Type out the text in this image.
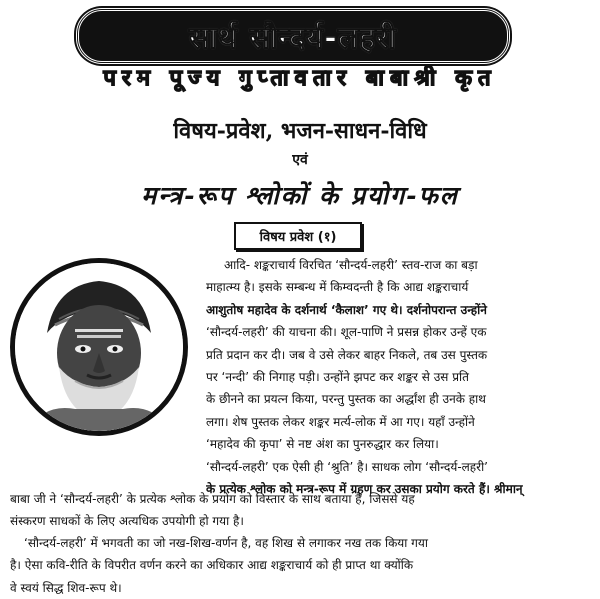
सार्थ सौन्दर्य-लहरी
परम पूज्य गुप्तावतार बाबाश्री कृत
विषय-प्रवेश, भजन-साधन-विधि
एवं
मन्त्र-रूप श्लोकों के प्रयोग-फल
विषय प्रवेश (१)
आदि- शङ्कराचार्य विरचित ‘सौन्दर्य-लहरी’ स्तव-राज का बड़ा
माहात्म्य है। इसके सम्बन्ध में किम्वदन्ती है कि आद्य शङ्कराचार्य
आशुतोष महादेव के दर्शनार्थ ‘कैलाश’ गए थे। दर्शनोपरान्त उन्होंने
‘सौन्दर्य-लहरी’ की याचना की। शूल-पाणि ने प्रसन्न होकर उन्हें एक
प्रति प्रदान कर दी। जब वे उसे लेकर बाहर निकले, तब उस पुस्तक
पर ‘नन्दी’ की निगाह पड़ी। उन्होंने झपट कर शङ्कर से उस प्रति
के छीनने का प्रयत्न किया, परन्तु पुस्तक का अर्द्धांश ही उनके हाथ
लगा। शेष पुस्तक लेकर शङ्कर मर्त्य-लोक में आ गए। यहाँ उन्होंने
‘महादेव की कृपा’ से नष्ट अंश का पुनरुद्धार कर लिया।
‘सौन्दर्य-लहरी’ एक ऐसी ही ‘श्रुति’ है। साधक लोग ‘सौन्दर्य-लहरी’
के प्रत्येक श्लोक को मन्त्र-रूप में ग्रहण कर उसका प्रयोग करते हैं। श्रीमान्
बाबा जी ने ‘सौन्दर्य-लहरी’ के प्रत्येक श्लोक के प्रयोग को विस्तार के साथ बताया है, जिससे यह
संस्करण साधकों के लिए अत्यधिक उपयोगी हो गया है।
‘सौन्दर्य-लहरी’ में भगवती का जो नख-शिख-वर्णन है, वह शिख से लगाकर नख तक किया गया
है। ऐसा कवि-रीति के विपरीत वर्णन करने का अधिकार आद्य शङ्कराचार्य को ही प्राप्त था क्योंकि
वे स्वयं सिद्ध शिव-रूप थे।
